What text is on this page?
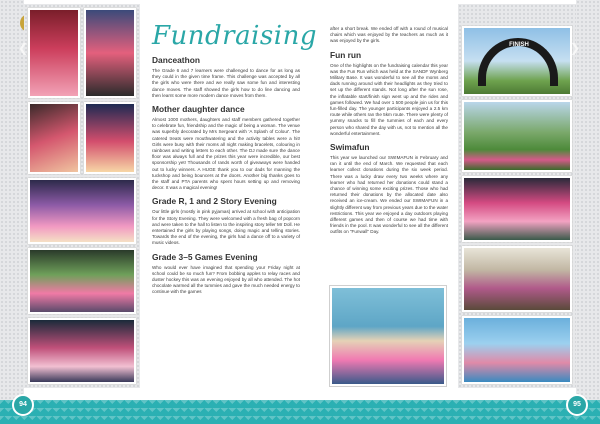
Fundraising
Danceathon
The Grade 6 and 7 learners were challenged to dance for as long as they could in the given time frame. This challenge was accepted by all the girls who were there and we really saw some fun and interesting dance moves. The staff showed the girls how to do line dancing and then learnt some more modern dance moves from them.
Mother daughter dance
Almost 1000 mothers, daughters and staff members gathered together to celebrate fun, friendship and the magic of being a woman. The venue was superbly decorated by Mrs Sergeant with 'A Splash of Colour'. The catered treats were mouthwatering and the activity tables were a hit! Girls were busy with their moms all night making bracelets, colouring in rainbows and writing letters to each other. The DJ made sure the dance floor was always full and the prizes this year were incredible, our best sponsorship yet! Thousands of rands worth of giveaways were handed out to lucky winners. A HUGE thank you to our dads for manning the tuckshop and being bouncers at the doors. Another big thanks goes to the staff and PTA parents who spent hours setting up and removing decor. It was a magical evening!
Grade R, 1 and 2 Story Evening
Our little girls (mostly in pink pyjamas) arrived at school with anticipation for the Story Evening. They were welcomed with a fresh bag of popcorn and were taken to the hall to listen to the inspiring story teller Mr Doll. He entertained the girls by playing songs, doing magic and telling stories. Towards the end of the evening, the girls had a dance off to a variety of music videos.
Grade 3–5 Games Evening
Who would ever have imagined that spending your Friday night at school could be so much fun? From bobbing apples to relay races and duster hockey this was an evening enjoyed by all who attended. The hot chocolate warmed all the tummies and gave the much needed energy to continue with the games
after a short break. We ended off with a round of musical chairs which was enjoyed by the teachers as much as it was enjoyed by the girls.
Fun run
One of the highlights on the fundraising calendar this year was the Fun Run which was held at the SANDF Wynberg Military Base. It was wonderful to see all the moms and dads running around with their headlights as they tried to set up the different stands. Not long after the sun rose, the inflatable start/finish sign went up and the rides and games followed. We had over 1 500 people join us for this fun-filled day. The younger participants enjoyed a 2.5 km route while others ran the 5km route. There were plenty of yummy snacks to fill the tummies of each and every person who shared the day with us, not to mention all the wonderful entertainment.
Swimafun
This year we launched our SWIMAFUN in February and ran it until the end of March. We requested that each learner collect donations during the six week period. There was a lucky draw every two weeks where any learner who had returned her donations could stand a chance of winning some exciting prizes. Those who had returned their donations by the allocated date also received an ice-cream. We ended our SWIMAFUN in a slightly different way from previous years due to the water restrictions. This year we enjoyed a day outdoors playing different games and then of course we had time with friends in the pool. It was wonderful to see all the different outfits on "Funwall" Day.
FINISH
❮	❯
94	95
